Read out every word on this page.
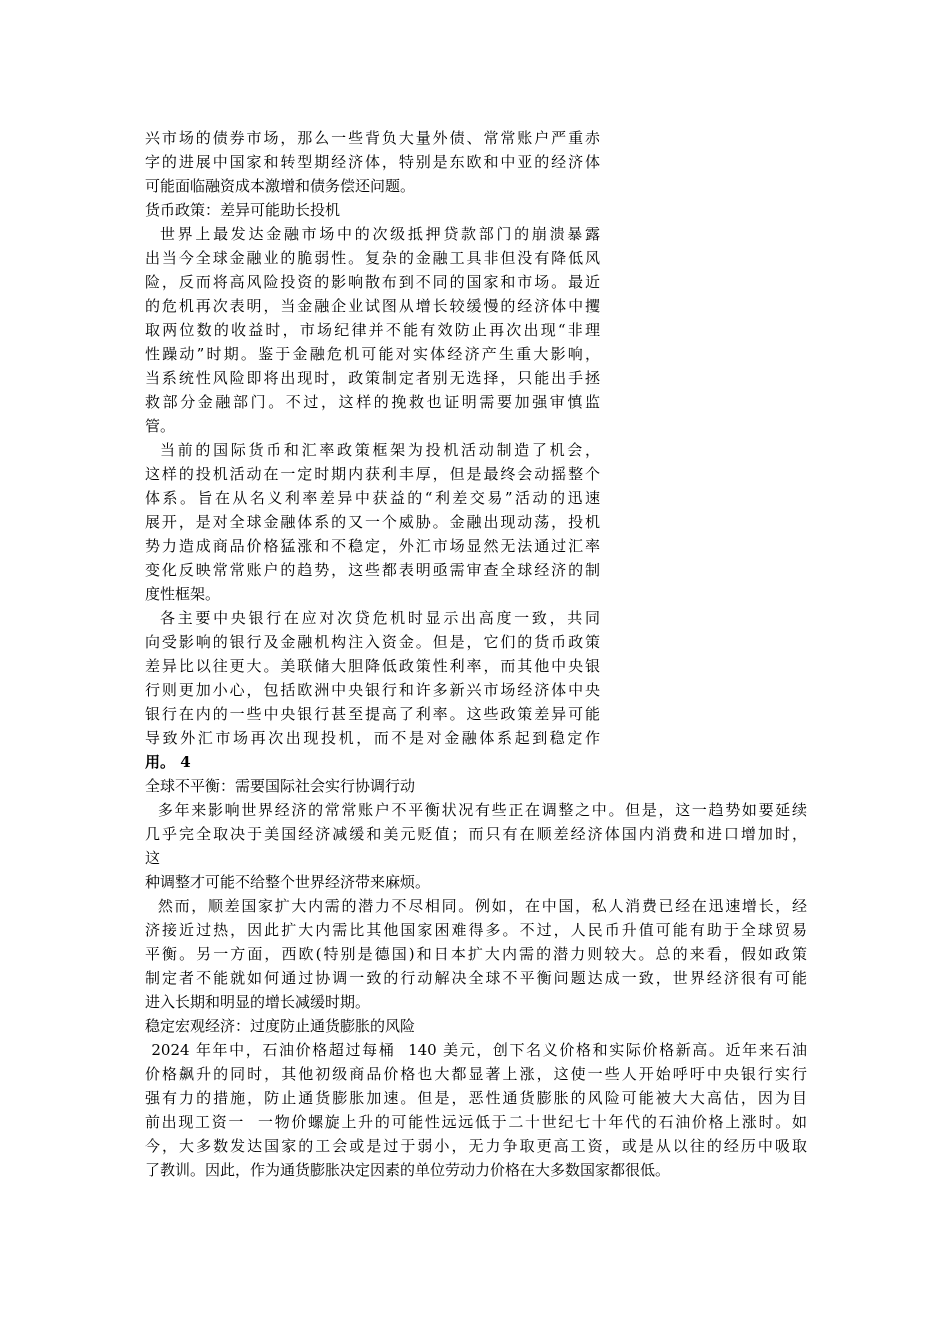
兴市场的债券市场，那么一些背负大量外债、常常账户严重赤
字的进展中国家和转型期经济体，特别是东欧和中亚的经济体
可能面临融资成本激增和债务偿还问题。
货币政策：差异可能助长投机
世界上最发达金融市场中的次级抵押贷款部门的崩溃暴露
出当今全球金融业的脆弱性。复杂的金融工具非但没有降低风
险，反而将高风险投资的影响散布到不同的国家和市场。最近
的危机再次表明，当金融企业试图从增长较缓慢的经济体中攫
取两位数的收益时，市场纪律并不能有效防止再次出现“非理
性躁动”时期。鉴于金融危机可能对实体经济产生重大影响，
当系统性风险即将出现时，政策制定者别无选择，只能出手拯
救部分金融部门。不过，这样的挽救也证明需要加强审慎监
管。
当前的国际货币和汇率政策框架为投机活动制造了机会，
这样的投机活动在一定时期内获利丰厚，但是最终会动摇整个
体系。旨在从名义利率差异中获益的“利差交易”活动的迅速
展开，是对全球金融体系的又一个威胁。金融出现动荡，投机
势力造成商品价格猛涨和不稳定，外汇市场显然无法通过汇率
变化反映常常账户的趋势，这些都表明亟需审查全球经济的制
度性框架。
各主要中央银行在应对次贷危机时显示出高度一致，共同
向受影响的银行及金融机构注入资金。但是，它们的货币政策
差异比以往更大。美联储大胆降低政策性利率，而其他中央银
行则更加小心，包括欧洲中央银行和许多新兴市场经济体中央
银行在内的一些中央银行甚至提高了利率。这些政策差异可能
导致外汇市场再次出现投机，而不是对金融体系起到稳定作
用。 4
全球不平衡：需要国际社会实行协调行动
多年来影响世界经济的常常账户不平衡状况有些正在调整之中。但是，这一趋势如要延续
几乎完全取决于美国经济减缓和美元贬值；而只有在顺差经济体国内消费和进口增加时，
这
种调整才可能不给整个世界经济带来麻烦。
然而，顺差国家扩大内需的潜力不尽相同。例如，在中国，私人消费已经在迅速增长，经
济接近过热，因此扩大内需比其他国家困难得多。不过，人民币升值可能有助于全球贸易
平衡。另一方面，西欧(特别是德国)和日本扩大内需的潜力则较大。总的来看，假如政策
制定者不能就如何通过协调一致的行动解决全球不平衡问题达成一致，世界经济很有可能
进入长期和明显的增长减缓时期。
稳定宏观经济：过度防止通货膨胀的风险
2024 年年中，石油价格超过每桶  140 美元，创下名义价格和实际价格新高。近年来石油
价格飙升的同时，其他初级商品价格也大都显著上涨，这使一些人开始呼吁中央银行实行
强有力的措施，防止通货膨胀加速。但是，恶性通货膨胀的风险可能被大大高估，因为目
前出现工资一  一物价螺旋上升的可能性远远低于二十世纪七十年代的石油价格上涨时。如
今，大多数发达国家的工会或是过于弱小，无力争取更高工资，或是从以往的经历中吸取
了教训。因此，作为通货膨胀决定因素的单位劳动力价格在大多数国家都很低。
